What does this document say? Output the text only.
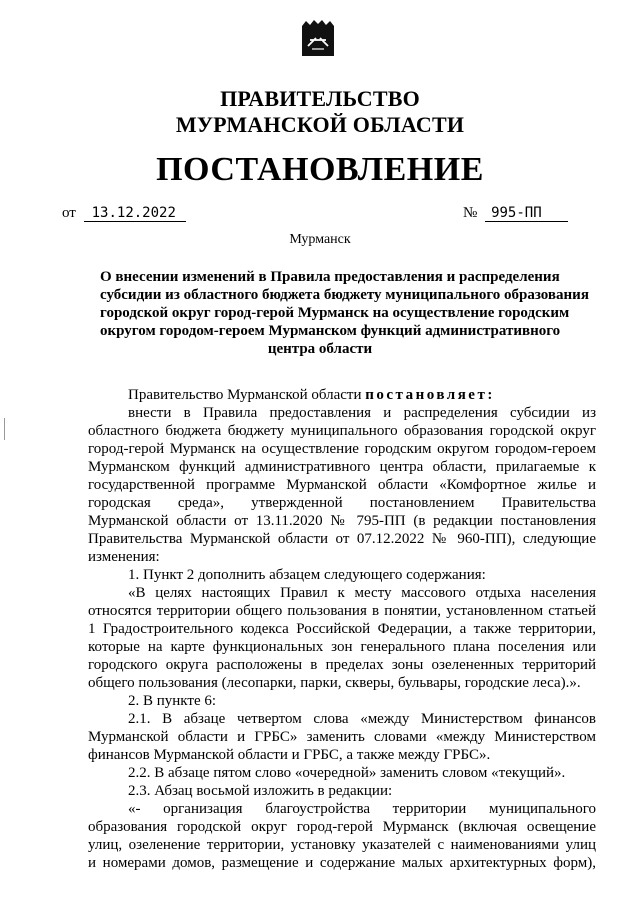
ПРАВИТЕЛЬСТВО
МУРМАНСКОЙ ОБЛАСТИ
ПОСТАНОВЛЕНИЕ
от 13.12.2022	№ 995-ПП
Мурманск
О внесении изменений в Правила предоставления и распределения
субсидии из областного бюджета бюджету муниципального образования
городской округ город-герой Мурманск на осуществление городским
округом городом-героем Мурманском функций административного
центра области
Правительство Мурманской области постановляет:
внести в Правила предоставления и распределения субсидии из
областного бюджета бюджету муниципального образования городской округ
город-герой Мурманск на осуществление городским округом городом-героем
Мурманском функций административного центра области, прилагаемые к
государственной программе Мурманской области «Комфортное жилье и
городская среда», утвержденной постановлением Правительства
Мурманской области от 13.11.2020 № 795-ПП (в редакции постановления
Правительства Мурманской области от 07.12.2022 № 960-ПП), следующие
изменения:
1. Пункт 2 дополнить абзацем следующего содержания:
«В целях настоящих Правил к месту массового отдыха населения
относятся территории общего пользования в понятии, установленном статьей
1 Градостроительного кодекса Российской Федерации, а также территории,
которые на карте функциональных зон генерального плана поселения или
городского округа расположены в пределах зоны озелененных территорий
общего пользования (лесопарки, парки, скверы, бульвары, городские леса).».
2. В пункте 6:
2.1. В абзаце четвертом слова «между Министерством финансов
Мурманской области и ГРБС» заменить словами «между Министерством
финансов Мурманской области и ГРБС, а также между ГРБС».
2.2. В абзаце пятом слово «очередной» заменить словом «текущий».
2.3. Абзац восьмой изложить в редакции:
«- организация благоустройства территории муниципального
образования городской округ город-герой Мурманск (включая освещение
улиц, озеленение территории, установку указателей с наименованиями улиц
и номерами домов, размещение и содержание малых архитектурных форм),
